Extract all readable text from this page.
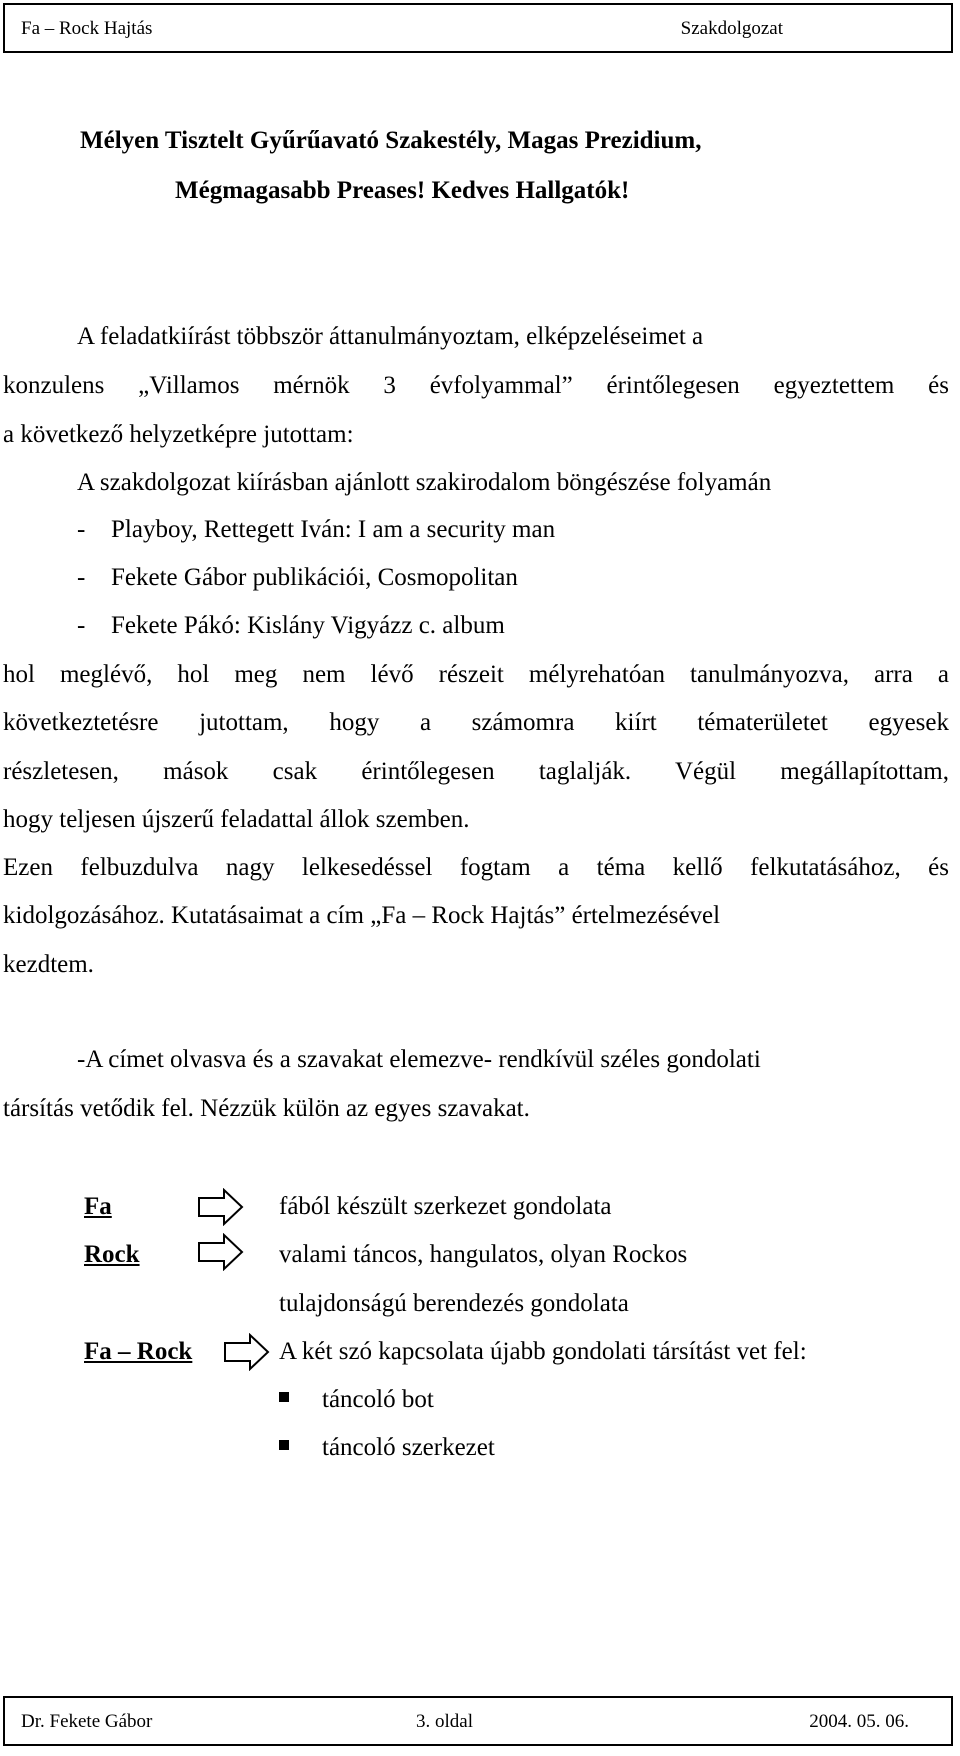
Fa – Rock Hajtás	Szakdolgozat
Mélyen Tisztelt Gyűrűavató Szakestély, Magas Prezidium,
Mégmagasabb Preases! Kedves Hallgatók!
A feladatkiírást többször áttanulmányoztam, elképzeléseimet a
konzulens „Villamos mérnök 3 évfolyammal” érintőlegesen egyeztettem és
a következő helyzetképre jutottam:
A szakdolgozat kiírásban ajánlott szakirodalom böngészése folyamán
- Playboy, Rettegett Iván: I am a security man
- Fekete Gábor publikációi, Cosmopolitan
- Fekete Pákó: Kislány Vigyázz c. album
hol meglévő, hol meg nem lévő részeit mélyrehatóan tanulmányozva, arra a
következtetésre jutottam, hogy a számomra kiírt tématerületet egyesek
részletesen, mások csak érintőlegesen taglalják. Végül megállapítottam,
hogy teljesen újszerű feladattal állok szemben.
Ezen felbuzdulva nagy lelkesedéssel fogtam a téma kellő felkutatásához, és
kidolgozásához. Kutatásaimat a cím „Fa – Rock Hajtás” értelmezésével
kezdtem.
-A címet olvasva és a szavakat elemezve- rendkívül széles gondolati
társítás vetődik fel. Nézzük külön az egyes szavakat.
Fa	fából készült szerkezet gondolata
Rock	valami táncos, hangulatos, olyan Rockos
tulajdonságú berendezés gondolata
Fa – Rock	A két szó kapcsolata újabb gondolati társítást vet fel:
táncoló bot
táncoló szerkezet
Dr. Fekete Gábor	3. oldal	2004. 05. 06.
